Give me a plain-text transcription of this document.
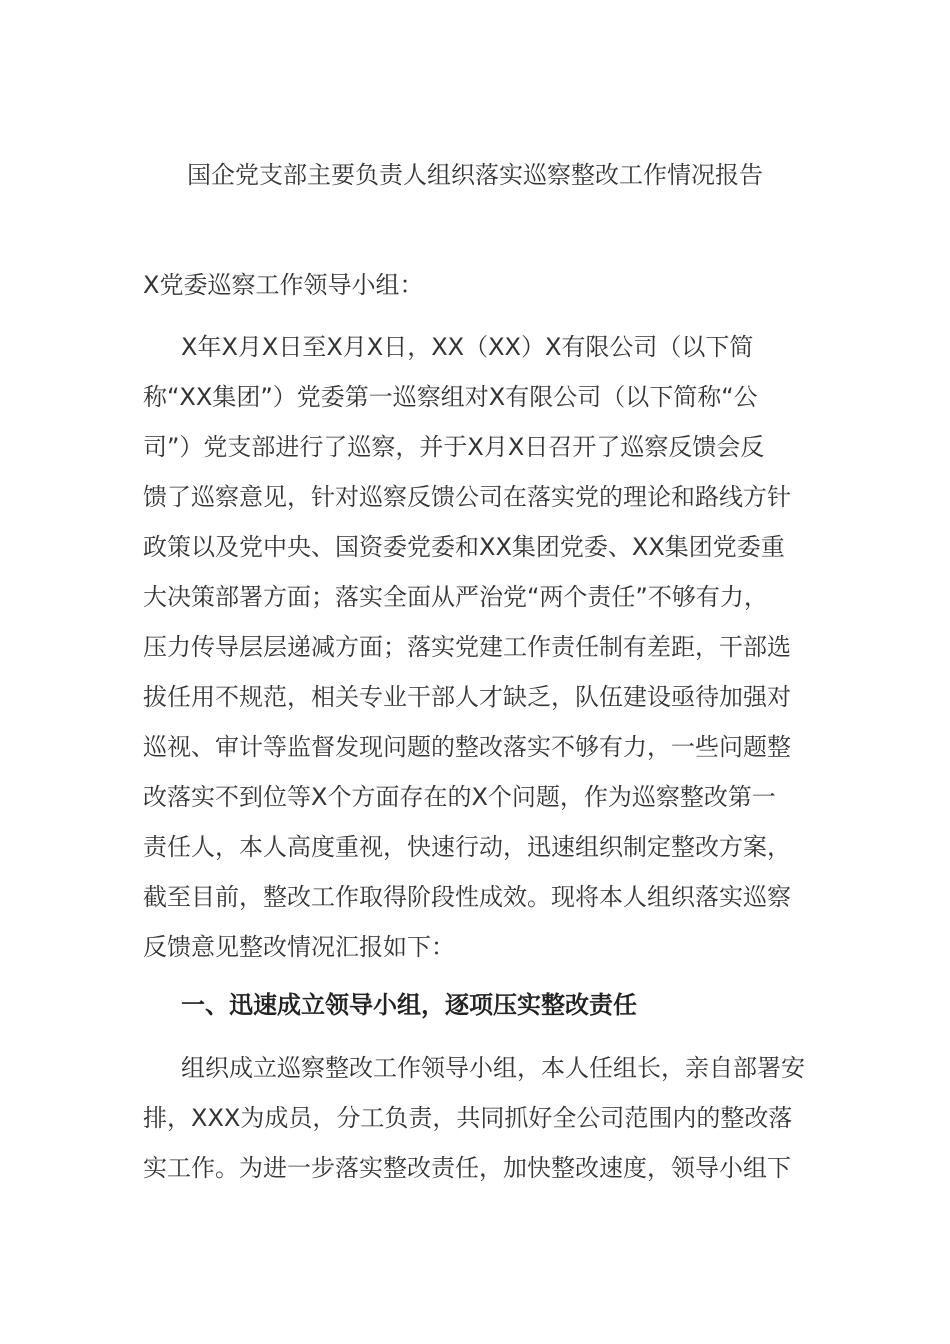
国企党支部主要负责人组织落实巡察整改工作情况报告
X党委巡察工作领导小组：
X年X月X日至X月X日，XX（XX）X有限公司（以下简
称“XX集团”）党委第一巡察组对X有限公司（以下简称“公
司”）党支部进行了巡察，并于X月X日召开了巡察反馈会反
馈了巡察意见，针对巡察反馈公司在落实党的理论和路线方针
政策以及党中央、国资委党委和XX集团党委、XX集团党委重
大决策部署方面；落实全面从严治党“两个责任”不够有力，
压力传导层层递减方面；落实党建工作责任制有差距，干部选
拔任用不规范，相关专业干部人才缺乏，队伍建设亟待加强对
巡视、审计等监督发现问题的整改落实不够有力，一些问题整
改落实不到位等X个方面存在的X个问题，作为巡察整改第一
责任人，本人高度重视，快速行动，迅速组织制定整改方案，
截至目前，整改工作取得阶段性成效。现将本人组织落实巡察
反馈意见整改情况汇报如下：
一、迅速成立领导小组，逐项压实整改责任
组织成立巡察整改工作领导小组，本人任组长，亲自部署安
排，XXX为成员，分工负责，共同抓好全公司范围内的整改落
实工作。为进一步落实整改责任，加快整改速度，领导小组下
